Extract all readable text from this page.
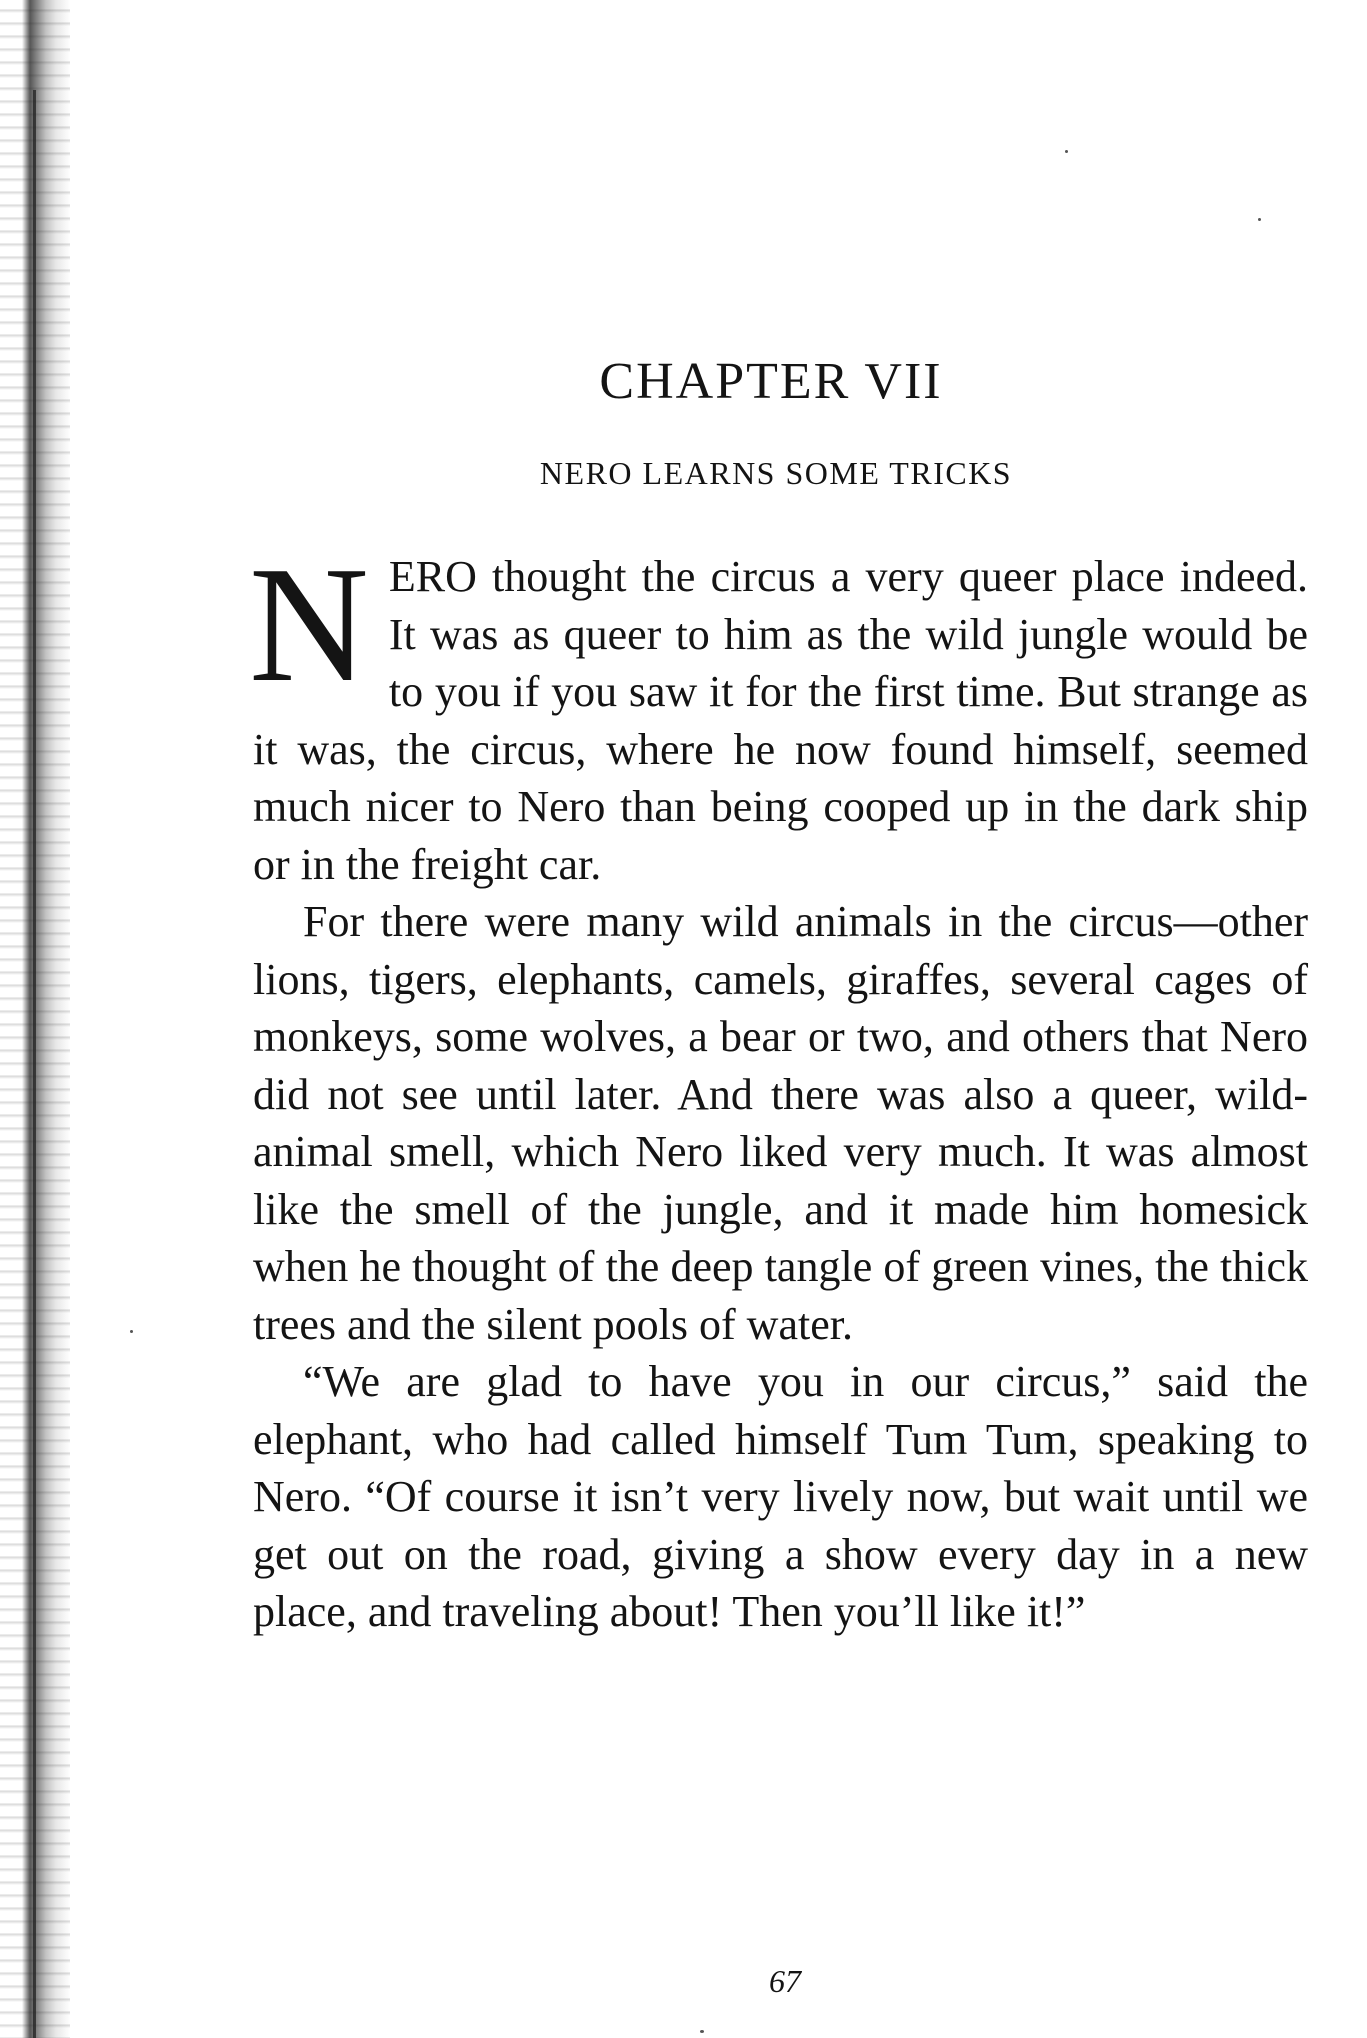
CHAPTER VII
NERO LEARNS SOME TRICKS

NERO thought the circus a very queer place indeed. It was as queer to him as the wild jungle would be to you if you saw it for the first time. But strange as it was, the circus, where he now found himself, seemed much nicer to Nero than being cooped up in the dark ship or in the freight car.

For there were many wild animals in the circus—other lions, tigers, elephants, camels, giraffes, several cages of monkeys, some wolves, a bear or two, and others that Nero did not see until later. And there was also a queer, wild-animal smell, which Nero liked very much. It was almost like the smell of the jungle, and it made him homesick when he thought of the deep tangle of green vines, the thick trees and the silent pools of water.

“We are glad to have you in our circus,” said the elephant, who had called himself Tum Tum, speaking to Nero. “Of course it isn’t very lively now, but wait until we get out on the road, giving a show every day in a new place, and traveling about! Then you’ll like it!”

67
